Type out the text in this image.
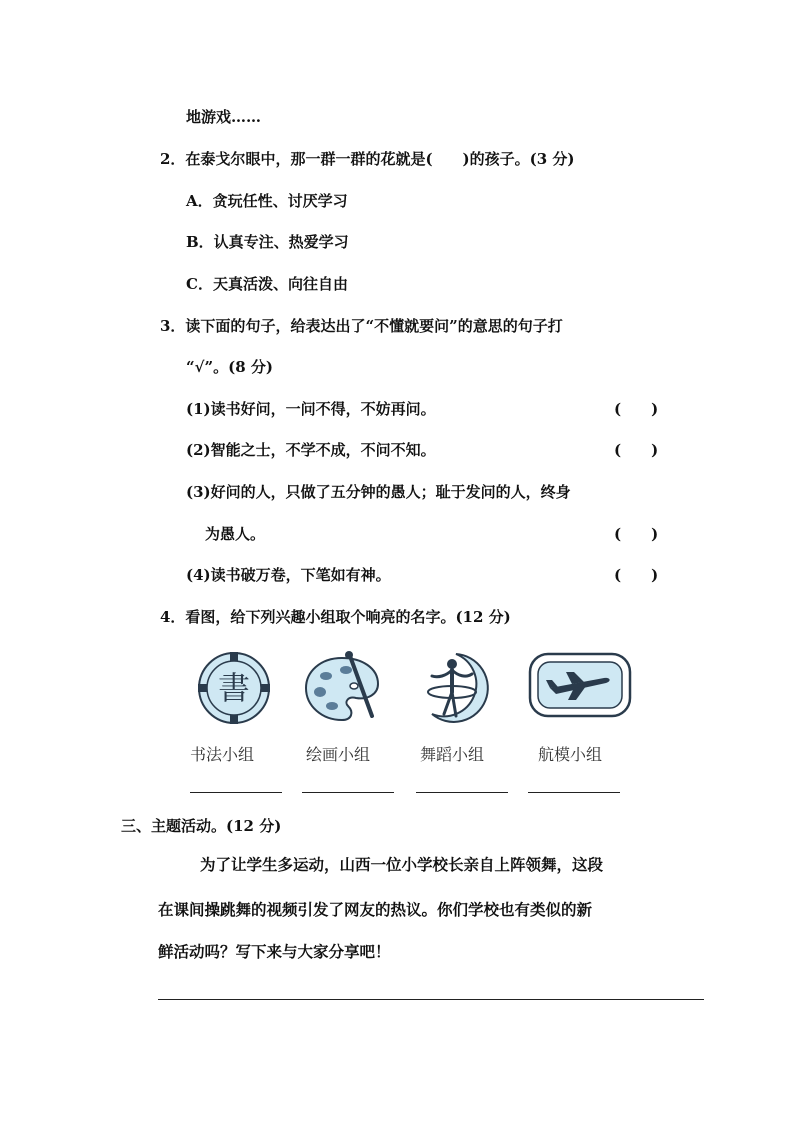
地游戏……
2．在泰戈尔眼中，那一群一群的花就是(　　)的孩子。(3 分)
A．贪玩任性、讨厌学习
B．认真专注、热爱学习
C．天真活泼、向往自由
3．读下面的句子，给表达出了“不懂就要问”的意思的句子打
“√”。(8 分)
(1)读书好问，一问不得，不妨再问。	(　　)
(2)智能之士，不学不成，不问不知。	(　　)
(3)好问的人，只做了五分钟的愚人；耻于发问的人，终身
为愚人。	(　　)
(4)读书破万卷，下笔如有神。	(　　)
4．看图，给下列兴趣小组取个响亮的名字。(12 分)
書
书法小组	绘画小组	舞蹈小组	航模小组
三、主题活动。(12 分)
为了让学生多运动，山西一位小学校长亲自上阵领舞，这段
在课间操跳舞的视频引发了网友的热议。你们学校也有类似的新
鲜活动吗？写下来与大家分享吧！
